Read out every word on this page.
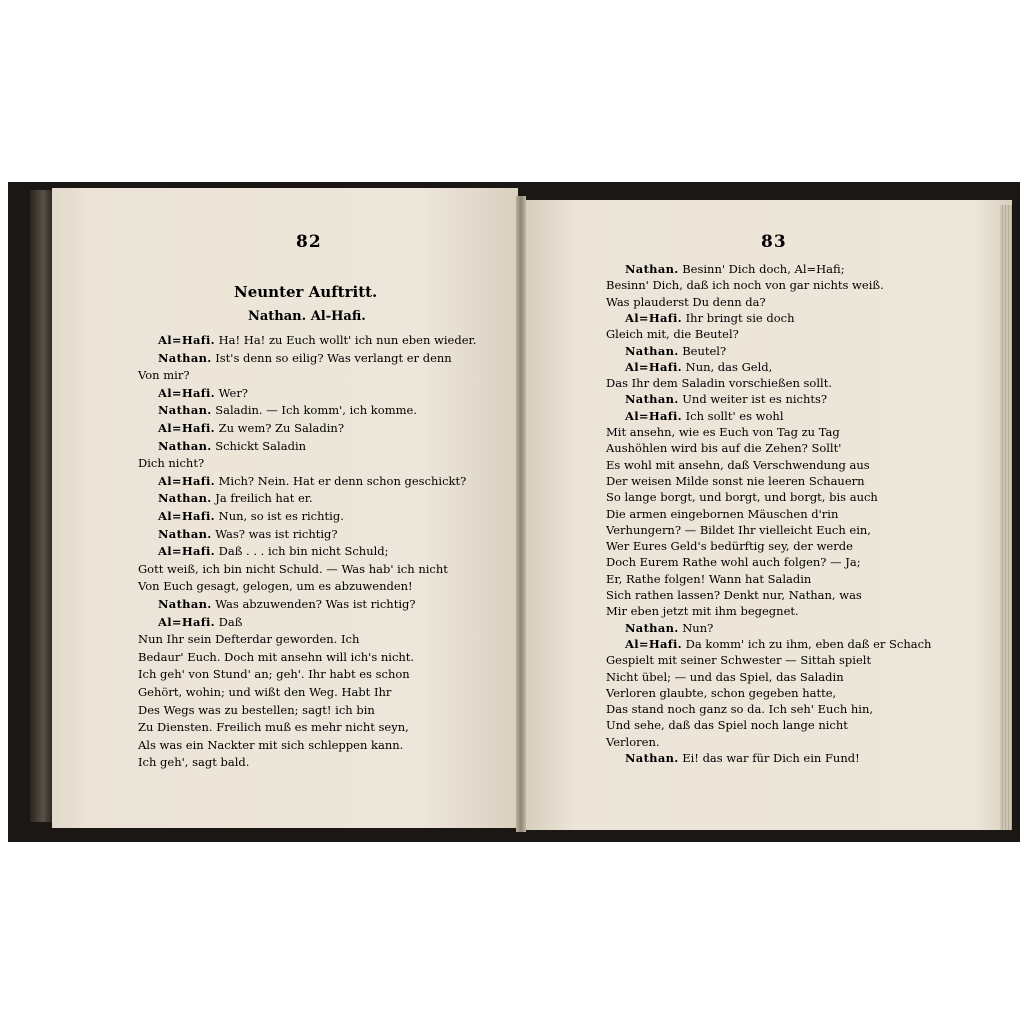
82	83
Neunter Auftritt.
Nathan. Al-Hafi.
Al=Hafi. Ha! Ha! zu Euch wollt' ich nun eben wieder.
Nathan. Ist's denn so eilig? Was verlangt er denn
Von mir?
Al=Hafi. Wer?
Nathan. Saladin. — Ich komm', ich komme.
Al=Hafi. Zu wem? Zu Saladin?
Nathan. Schickt Saladin
Dich nicht?
Al=Hafi. Mich? Nein. Hat er denn schon geschickt?
Nathan. Ja freilich hat er.
Al=Hafi. Nun, so ist es richtig.
Nathan. Was? was ist richtig?
Al=Hafi. Daß . . . ich bin nicht Schuld;
Gott weiß, ich bin nicht Schuld. — Was hab' ich nicht
Von Euch gesagt, gelogen, um es abzuwenden!
Nathan. Was abzuwenden? Was ist richtig?
Al=Hafi. Daß
Nun Ihr sein Defterdar geworden. Ich
Bedaur' Euch. Doch mit ansehn will ich's nicht.
Ich geh' von Stund' an; geh'. Ihr habt es schon
Gehört, wohin; und wißt den Weg. Habt Ihr
Des Wegs was zu bestellen; sagt! ich bin
Zu Diensten. Freilich muß es mehr nicht seyn,
Als was ein Nackter mit sich schleppen kann.
Ich geh', sagt bald.
Nathan. Besinn' Dich doch, Al=Hafi;
Besinn' Dich, daß ich noch von gar nichts weiß.
Was plauderst Du denn da?
Al=Hafi. Ihr bringt sie doch
Gleich mit, die Beutel?
Nathan. Beutel?
Al=Hafi. Nun, das Geld,
Das Ihr dem Saladin vorschießen sollt.
Nathan. Und weiter ist es nichts?
Al=Hafi. Ich sollt' es wohl
Mit ansehn, wie es Euch von Tag zu Tag
Aushöhlen wird bis auf die Zehen? Sollt'
Es wohl mit ansehn, daß Verschwendung aus
Der weisen Milde sonst nie leeren Schauern
So lange borgt, und borgt, und borgt, bis auch
Die armen eingebornen Mäuschen d'rin
Verhungern? — Bildet Ihr vielleicht Euch ein,
Wer Eures Geld's bedürftig sey, der werde
Doch Eurem Rathe wohl auch folgen? — Ja;
Er, Rathe folgen! Wann hat Saladin
Sich rathen lassen? Denkt nur, Nathan, was
Mir eben jetzt mit ihm begegnet.
Nathan. Nun?
Al=Hafi. Da komm' ich zu ihm, eben daß er Schach
Gespielt mit seiner Schwester — Sittah spielt
Nicht übel; — und das Spiel, das Saladin
Verloren glaubte, schon gegeben hatte,
Das stand noch ganz so da. Ich seh' Euch hin,
Und sehe, daß das Spiel noch lange nicht
Verloren.
Nathan. Ei! das war für Dich ein Fund!
